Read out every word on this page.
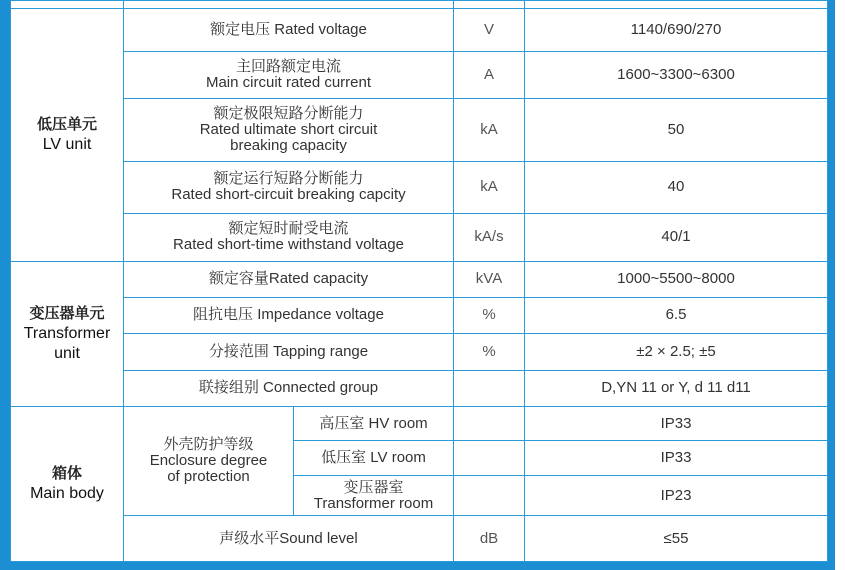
低压单元
LV unit	额定电压 Rated voltage		V	1140/690/270

	主回路额定电流
Main circuit rated current		A	1600~3300~6300

	额定极限短路分断能力
Rated ultimate short circuit
breaking capacity		kA	50

	额定运行短路分断能力
Rated short-circuit breaking capcity		kA	40

	额定短时耐受电流
Rated short-time withstand voltage		kA/s	40/1

变压器单元
Transformer
unit	额定容量Rated capacity		kVA	1000~5500~8000

	阻抗电压 Impedance voltage		%	6.5

	分接范围 Tapping range		%	±2 × 2.5; ±5

	联接组别 Connected group			D,YN 11 or Y, d 11 d11

箱体
Main body	外壳防护等级
Enclosure degree
of protection	高压室 HV room		IP33

		低压室 LV room		IP33

		变压器室
Transformer room		IP23

	声级水平Sound level		dB	≤55
